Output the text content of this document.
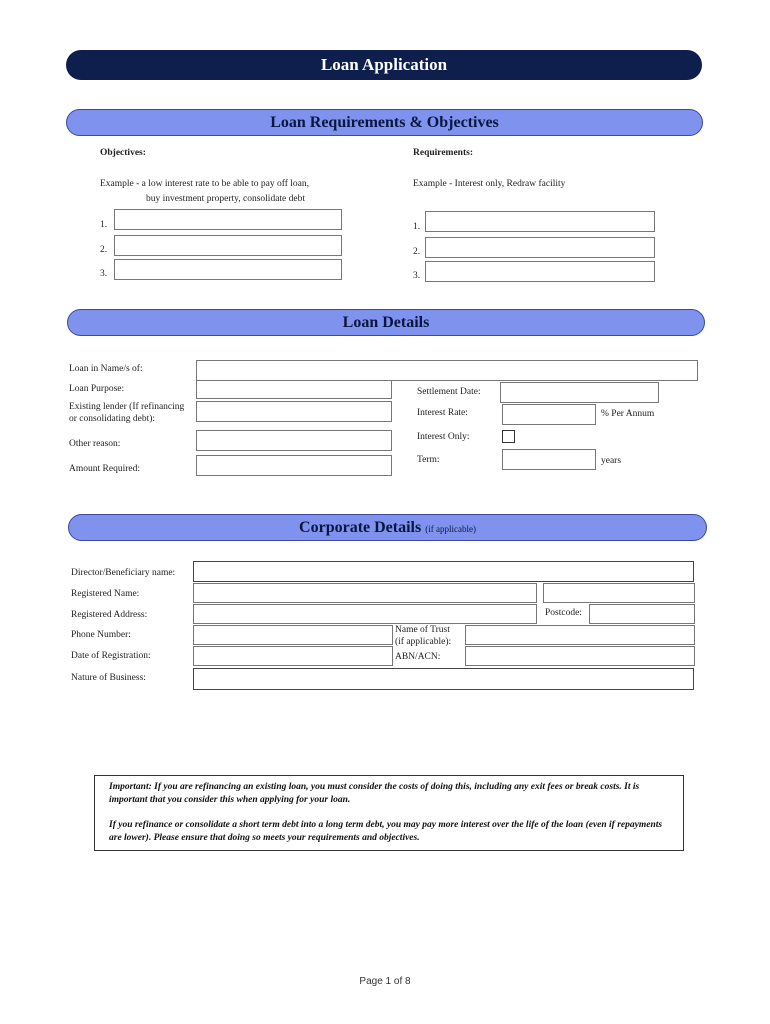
Loan Application
Loan Requirements & Objectives
Objectives:	Requirements:
Example - a low interest rate to be able to pay off loan,
buy investment property, consolidate debt
Example - Interest only, Redraw facility
1.
2.
3.
1.
2.
3.
Loan Details
Loan in Name/s of:
Loan Purpose:
Existing lender (If refinancing
or consolidating debt):
Other reason:
Amount Required:
Settlement Date:
Interest Rate:	% Per Annum
Interest Only:
Term:	years
Corporate Details (if applicable)
Director/Beneficiary name:
Registered Name:
Registered Address:	Postcode:
Phone Number:	Name of Trust
(if applicable):
Date of Registration:	ABN/ACN:
Nature of Business:

Important: If you are refinancing an existing loan, you must consider the costs of doing this, including any exit fees or break costs. It is important that you consider this when applying for your loan.

If you refinance or consolidate a short term debt into a long term debt, you may pay more interest over the life of the loan (even if repayments are lower). Please ensure that doing so meets your requirements and objectives.

Page 1 of 8
